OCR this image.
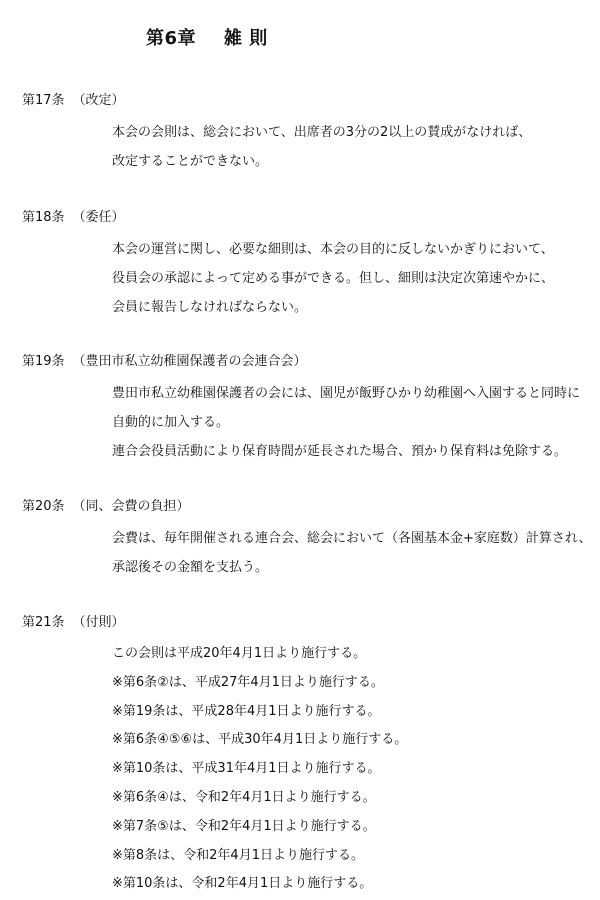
第6章 雑 則

第17条 （改定）

本会の会則は、総会において、出席者の3分の2以上の賛成がなければ、
改定することができない。

第18条 （委任）

本会の運営に関し、必要な細則は、本会の目的に反しないかぎりにおいて、
役員会の承認によって定める事ができる。但し、細則は決定次第速やかに、
会員に報告しなければならない。

第19条 （豊田市私立幼稚園保護者の会連合会）

豊田市私立幼稚園保護者の会には、園児が飯野ひかり幼稚園へ入園すると同時に
自動的に加入する。
連合会役員活動により保育時間が延長された場合、預かり保育料は免除する。

第20条 （同、会費の負担）

会費は、毎年開催される連合会、総会において（各園基本金+家庭数）計算され、
承認後その金額を支払う。

第21条 （付則）

この会則は平成20年4月1日より施行する。
※第6条②は、平成27年4月1日より施行する。
※第19条は、平成28年4月1日より施行する。
※第6条④⑤⑥は、平成30年4月1日より施行する。
※第10条は、平成31年4月1日より施行する。
※第6条④は、令和2年4月1日より施行する。
※第7条⑤は、令和2年4月1日より施行する。
※第8条は、令和2年4月1日より施行する。
※第10条は、令和2年4月1日より施行する。
